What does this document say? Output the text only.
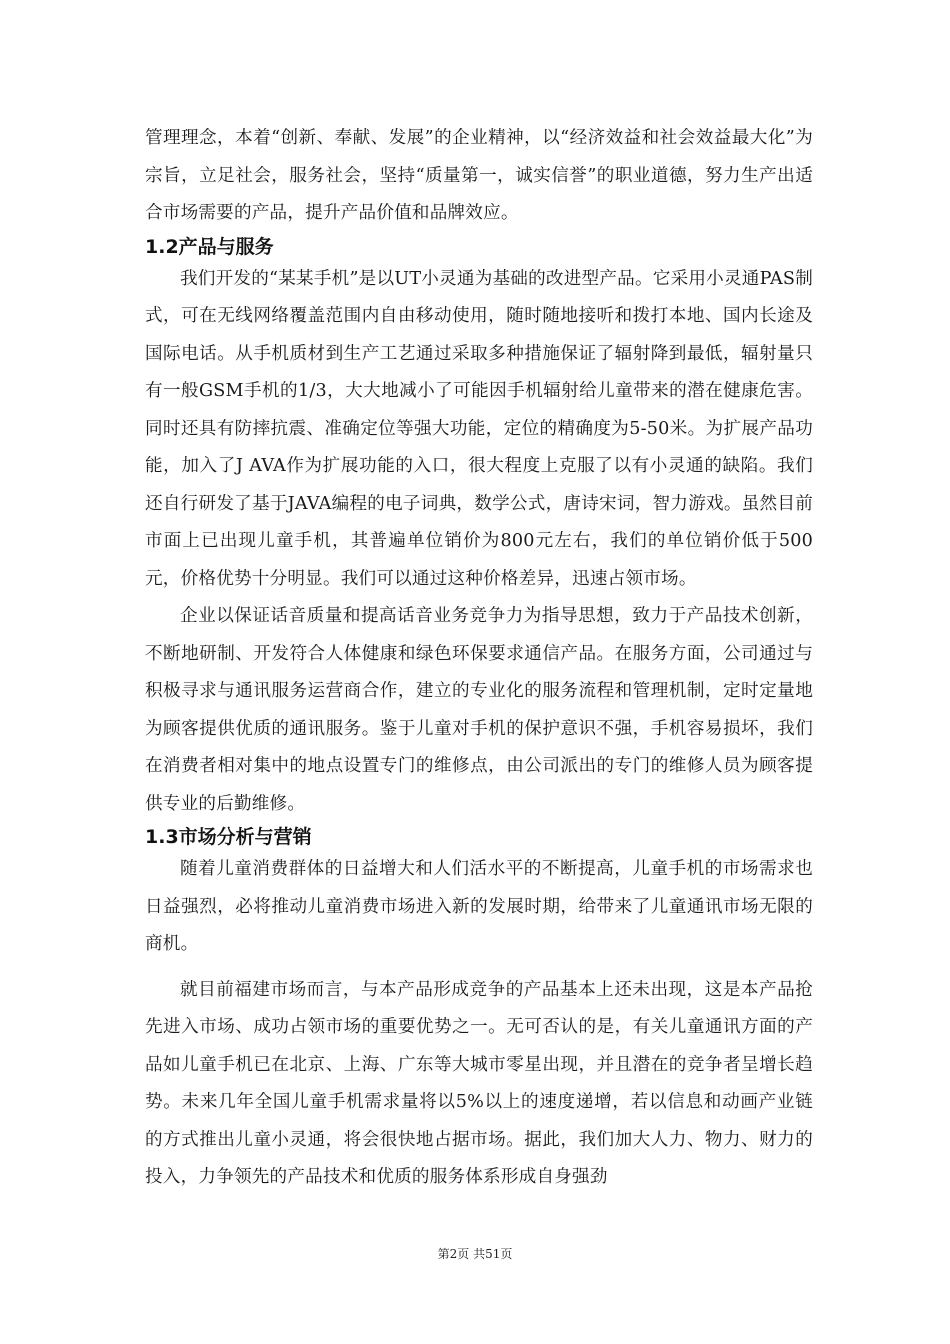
管理理念，本着“创新、奉献、发展”的企业精神，以“经济效益和社会效益最大化”为宗旨，立足社会，服务社会，坚持“质量第一，诚实信誉”的职业道德，努力生产出适合市场需要的产品，提升产品价值和品牌效应。

1.2产品与服务

我们开发的“某某手机”是以UT小灵通为基础的改进型产品。它采用小灵通PAS制式，可在无线网络覆盖范围内自由移动使用，随时随地接听和拨打本地、国内长途及国际电话。从手机质材到生产工艺通过采取多种措施保证了辐射降到最低，辐射量只有一般GSM手机的1/3，大大地减小了可能因手机辐射给儿童带来的潜在健康危害。同时还具有防摔抗震、准确定位等强大功能，定位的精确度为5-50米。为扩展产品功能，加入了J AVA作为扩展功能的入口，很大程度上克服了以有小灵通的缺陷。我们还自行研发了基于JAVA编程的电子词典，数学公式，唐诗宋词，智力游戏。虽然目前市面上已出现儿童手机，其普遍单位销价为800元左右，我们的单位销价低于500元，价格优势十分明显。我们可以通过这种价格差异，迅速占领市场。

企业以保证话音质量和提高话音业务竞争力为指导思想，致力于产品技术创新，不断地研制、开发符合人体健康和绿色环保要求通信产品。在服务方面，公司通过与积极寻求与通讯服务运营商合作，建立的专业化的服务流程和管理机制，定时定量地为顾客提供优质的通讯服务。鉴于儿童对手机的保护意识不强，手机容易损坏，我们在消费者相对集中的地点设置专门的维修点，由公司派出的专门的维修人员为顾客提供专业的后勤维修。

1.3市场分析与营销

随着儿童消费群体的日益增大和人们活水平的不断提高，儿童手机的市场需求也日益强烈，必将推动儿童消费市场进入新的发展时期，给带来了儿童通讯市场无限的商机。

就目前福建市场而言，与本产品形成竞争的产品基本上还未出现，这是本产品抢先进入市场、成功占领市场的重要优势之一。无可否认的是，有关儿童通讯方面的产品如儿童手机已在北京、上海、广东等大城市零星出现，并且潜在的竞争者呈增长趋势。未来几年全国儿童手机需求量将以5%以上的速度递增，若以信息和动画产业链的方式推出儿童小灵通，将会很快地占据市场。据此，我们加大人力、物力、财力的投入，力争领先的产品技术和优质的服务体系形成自身强劲

第2页 共51页
